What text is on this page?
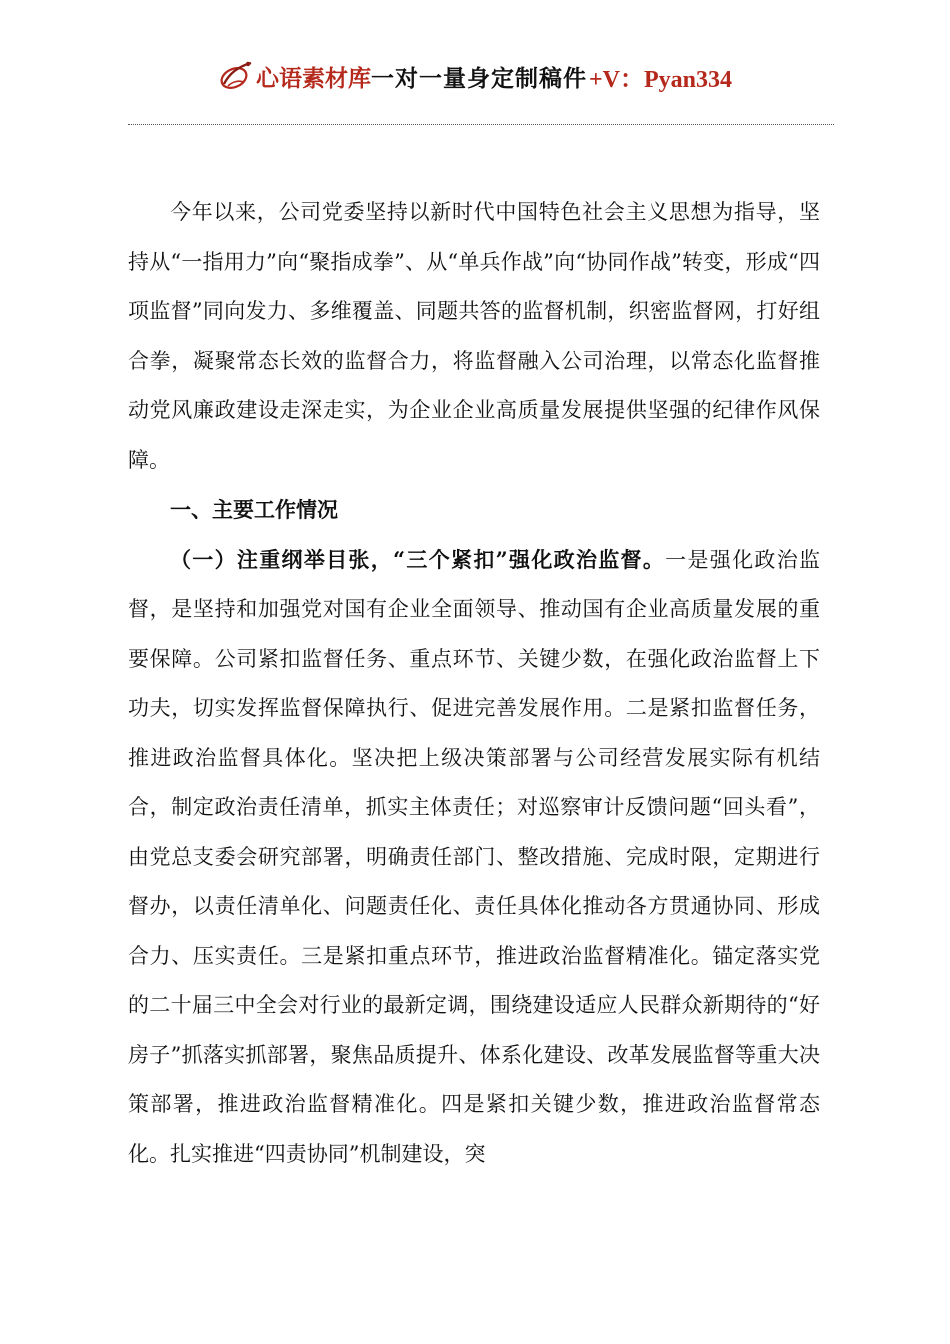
心语素材库 一对一量身定制稿件 +V：Pyan334

今年以来，公司党委坚持以新时代中国特色社会主义思想为指导，坚持从“一指用力”向“聚指成拳”、从“单兵作战”向“协同作战”转变，形成“四项监督”同向发力、多维覆盖、同题共答的监督机制，织密监督网，打好组合拳，凝聚常态长效的监督合力，将监督融入公司治理，以常态化监督推动党风廉政建设走深走实，为企业企业高质量发展提供坚强的纪律作风保障。

一、主要工作情况

（一）注重纲举目张，“三个紧扣”强化政治监督。一是强化政治监督，是坚持和加强党对国有企业全面领导、推动国有企业高质量发展的重要保障。公司紧扣监督任务、重点环节、关键少数，在强化政治监督上下功夫，切实发挥监督保障执行、促进完善发展作用。二是紧扣监督任务，推进政治监督具体化。坚决把上级决策部署与公司经营发展实际有机结合，制定政治责任清单，抓实主体责任；对巡察审计反馈问题“回头看”，由党总支委会研究部署，明确责任部门、整改措施、完成时限，定期进行督办，以责任清单化、问题责任化、责任具体化推动各方贯通协同、形成合力、压实责任。三是紧扣重点环节，推进政治监督精准化。锚定落实党的二十届三中全会对行业的最新定调，围绕建设适应人民群众新期待的“好房子”抓落实抓部署，聚焦品质提升、体系化建设、改革发展监督等重大决策部署，推进政治监督精准化。四是紧扣关键少数，推进政治监督常态化。扎实推进“四责协同”机制建设，突
